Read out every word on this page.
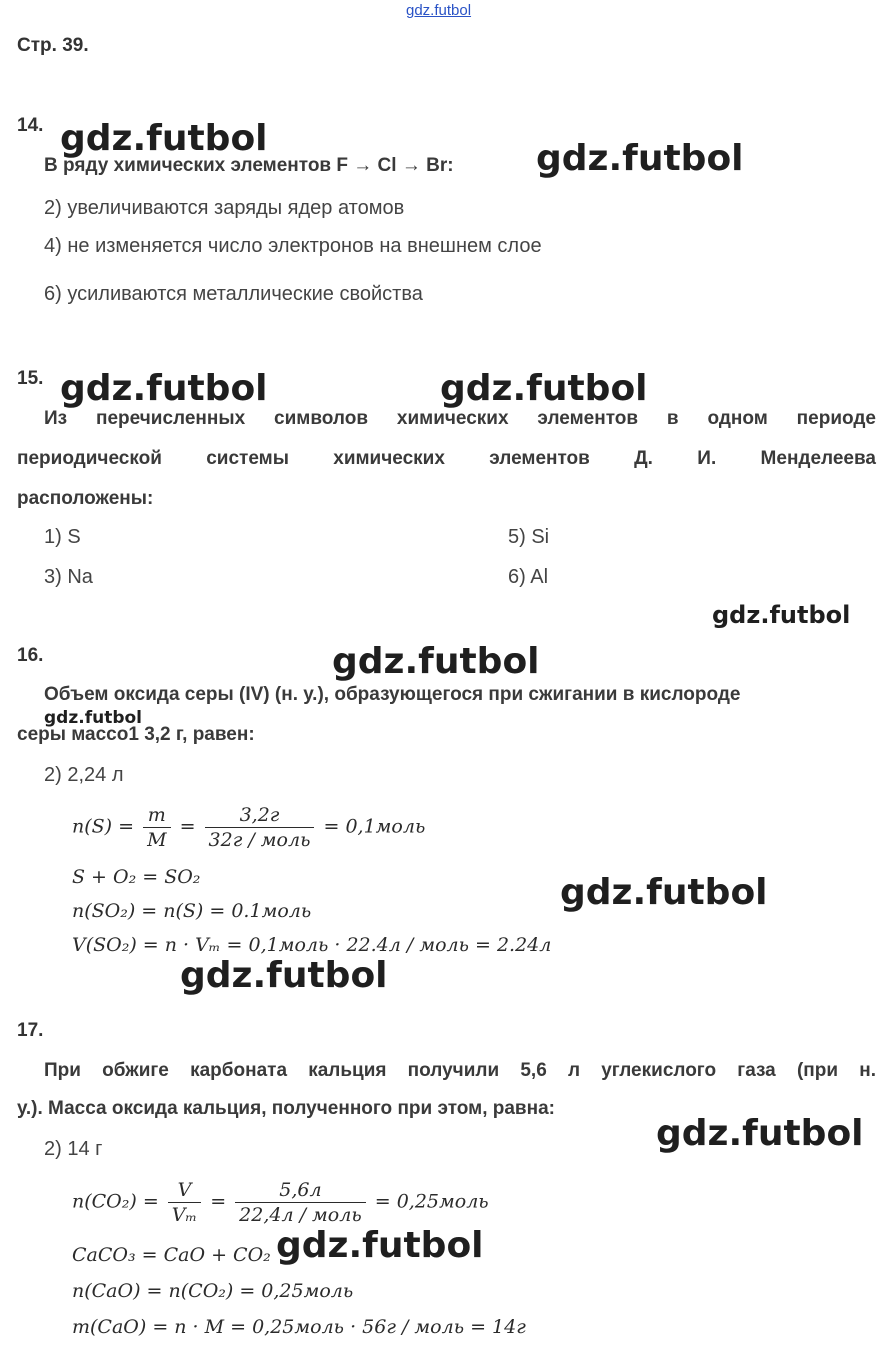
gdz.futbol
Стр. 39.
14.
В ряду химических элементов F → Cl → Br:
2) увеличиваются заряды ядер атомов
4) не изменяется число электронов на внешнем слое
6) усиливаются металлические свойства
15.
Из перечисленных символов химических элементов в одном периоде
периодической системы химических элементов Д. И. Менделеева
расположены:
1) S
3) Na
5) Si
6) Al
16.
Объем оксида серы (IV) (н. у.), образующегося при сжигании в кислороде
серы массо1 3,2 г, равен:
2) 2,24 л
$n(S) = \frac{m}{M} = \frac{3,2г}{\text{32г / моль}}$ = 0,1моль
S + O₂ = SO₂
n(SO₂) = n(S) = 0.1моль
V(SO₂) = n · Vₘ = 0,1моль · 22.4л / моль = 2.24л
17.
При обжиге карбоната кальция получили 5,6 л углекислого газа (при н.
у.). Масса оксида кальция, полученного при этом, равна:
2) 14 г
$n(CO_2) = \frac{V}{\text{Vₘ}} = \frac{5,6л}{\text{22,4л / моль}}$ = 0,25моль
CaCO₃ = CaO + CO₂
n(CaO) = n(CO₂) = 0,25моль
m(CaO) = n · M = 0,25моль · 56г / моль = 14г
gdz.futbol	gdz.futbol
gdz.futbol	gdz.futbol
gdz.futbol
gdz.futbol
gdz.futbol
gdz.futbol
gdz.futbol
gdz.futbol
gdz.futbol
